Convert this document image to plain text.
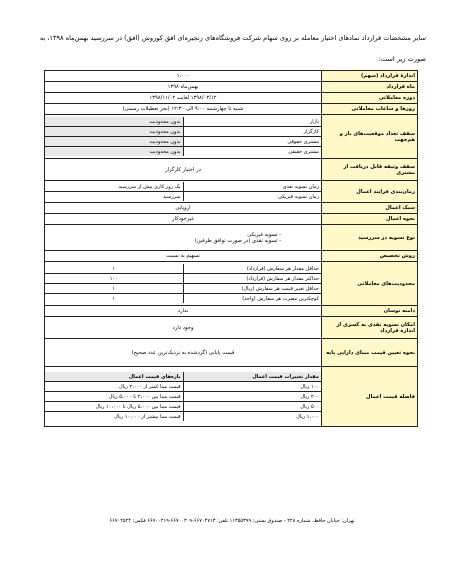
سایر مشخصات قرارداد نمادهای اختیار معامله بر روی سهام شرکت فروشگاه‌های زنجیره‌ای افق کوروش (افق) در سررسید بهمن‌ماه ۱۳۹۸، به صورت زیر است:
اندازۀ قرارداد (سهم)	۱،۰۰۰
ماه قرارداد	بهمن‌ماه ۱۳۹۸
دوره معاملاتی	۱۳۹۸/۰۳/۱۲ لغایت ۱۳۹۸/۱۱/۰۲
روزها و ساعات معاملاتی	شنبه تا چهارشنبه ۹:۰۰ الی ۱۲:۳۰ (بجز تعطیلات رسمی)
سقف تعداد موقعیت‌های باز و هم‌جهت	
بازار	بدون محدودیت
کارگزار	بدون محدودیت
مشتری حقوقی	بدون محدودیت
مشتری حقیقی	بدون محدودیت

سقف وثیقه قابل دریافت از مشتری	در اختیار کارگزار
زمان‌بندی فرایند اعمال	
زمان تسویه نقدی	یک روز کاری پیش از سررسید
زمان تسویه فیزیکی	سررسید

سبک اعمال	اروپایی
نحوه اعمال	غیرخودکار
نوع تسویه در سررسید	
- تسویه فیزیکی
- تسویه نقدی (در صورت توافق طرفین)

روش تخصیص	تسهیم به نسبت
محدودیت‌های معاملاتی	
حداقل مقدار هر سفارش (قرارداد)	۱
حداکثر مقدار هر سفارش (قرارداد)	۱۰۰
حداقل تغییر قیمت هر سفارش (ریال)	۱
کوچکترین مضرب هر سفارش (واحد)	۱

دامنه نوسان	ندارد
امکان تسویه نقدی به کسری از اندازه قرارداد	وجود دارد
نحوه تعیین قیمت مبنای دارایی پایه	قیمت پایانی (گردشده به نزدیک‌ترین عدد صحیح)
فاصله قیمت اعمال	
مقدار تغییرات قیمت اعمال	بازه‌های قیمت اعمال
۱۰۰ ریال	قیمت مبنا کمتر از ۲،۰۰۰ ریال
۲۰۰ ریال	قیمت مبنا بین ۲،۰۰۰ تا ۵،۰۰۰ ریال
۵۰۰ ریال	قیمت مبنا بین ۵،۰۰۰ ریال تا ۱۰،۰۰۰ ریال
۱،۰۰۰ ریال	قیمت مبنا بیشتر از ۱۰،۰۰۰ ریال
تهران: خیابان حافظ، شماره ۲۲۸ - صندوق پستی: ۱۱۳۵۵۳۹۹ تلفن: ۶۶۷۰۴۷۱۳-۶۶۷۰۰۳۰۹-۶۶۷۰۰۲۱۹ فکس: ۶۶۷۰۲۵۲۴
